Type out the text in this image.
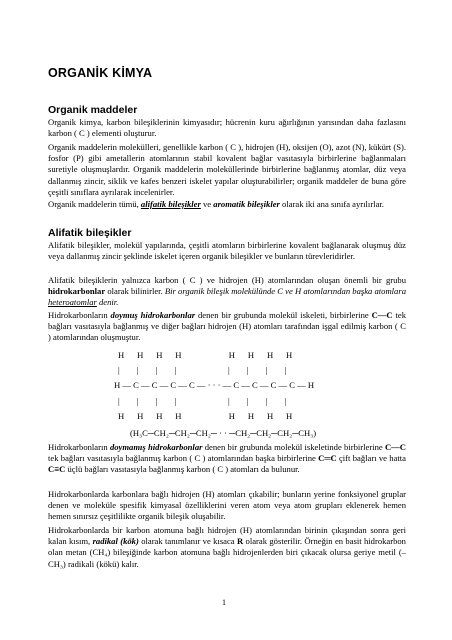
ORGANİK KİMYA
Organik maddeler
Organik kimya, karbon bileşiklerinin kimyasıdır; hücrenin kuru ağırlığının yarısından daha fazlasını karbon ( C ) elementi oluşturur.
Organik maddelerin molekülleri, genellikle karbon ( C ), hidrojen (H), oksijen (O), azot (N), kükürt (S). fosfor (P) gibi ametallerin atomlarının stabil kovalent bağlar vasıtasıyla birbirlerine bağlanmaları suretiyle oluşmuşlardır. Organik maddelerin moleküllerinde birbirlerine bağlanmış atomlar, düz veya dallanmış zincir, siklik ve kafes benzeri iskelet yapılar oluşturabilirler; organik maddeler de buna göre çeşitli sınıflara ayrılarak incelenirler.
Organik maddelerin tümü, alifatik bileşikler ve aromatik bileşikler olarak iki ana sınıfa ayrılırlar.
Alifatik bileşikler
Alifatik bileşikler, molekül yapılarında, çeşitli atomların birbirlerine kovalent bağlanarak oluşmuş düz veya dallanmış zincir şeklinde iskelet içeren organik bileşikler ve bunların türevleridirler.
Alifatik bileşiklerin yalnızca karbon ( C ) ve hidrojen (H) atomlarından oluşan önemli bir grubu hidrokarbonlar olarak bilinirler. Bir organik bileşik molekülünde C ve H atomlarından başka atomlara heteroatomlar denir.
Hidrokarbonların doymuş hidrokarbonlar denen bir grubunda molekül iskeleti, birbirlerine C—C tek bağları vasıtasıyla bağlanmış ve diğer bağları hidrojen (H) atomları tarafından işgal edilmiş karbon ( C ) atomlarından oluşmuştur.
H      H      H      H                      H      H      H      H
|        |        |        |                        |        |        |        |
H — C — C — C — C — · · · — C — C — C — C — H
|        |        |        |                        |        |        |        |
H      H      H      H                      H      H      H      H
(H₃C─CH₂─CH₂─CH₂─ · · ─CH₂─CH₂─CH₂─CH₃)
Hidrokarbonların doymamış hidrokarbonlar denen bir grubunda molekül iskeletinde birbirlerine C—C tek bağları vasıtasıyla bağlanmış karbon ( C ) atomlarından başka birbirlerine C═C çift bağları ve hatta C≡C üçlü bağları vasıtasıyla bağlanmış karbon ( C ) atomları da bulunur.
Hidrokarbonlarda karbonlara bağlı hidrojen (H) atomları çıkabilir; bunların yerine fonksiyonel gruplar denen ve moleküle spesifik kimyasal özelliklerini veren atom veya atom grupları eklenerek hemen hemen sınırsız çeşitlilikte organik bileşik oluşabilir.
Hidrokarbonlarda bir karbon atomuna bağlı hidrojen (H) atomlarından birinin çıkışından sonra geri kalan kısım, radikal (kök) olarak tanımlanır ve kısaca R olarak gösterilir. Örneğin en basit hidrokarbon olan metan (CH₄) bileşiğinde karbon atomuna bağlı hidrojenlerden biri çıkacak olursa geriye metil (–CH₃) radikali (kökü) kalır.
1
